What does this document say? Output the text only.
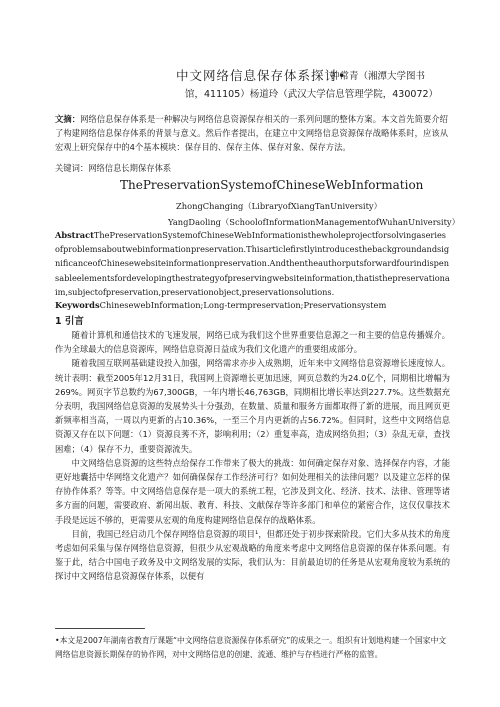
中文网络信息保存体系探讨•
钟常青（湘潭大学图书
馆，411105）杨道玲（武汉大学信息管理学院，430072）
文摘：网络信息保存体系是一种解决与网络信息资源保存相关的一系列问题的整体方案。本文首先简要介绍了构建网络信息保存体系的背景与意义。然后作者提出，在建立中文网络信息资源保存战略体系时，应该从宏观上研究保存中的4个基本模块：保存目的、保存主体、保存对象、保存方法。
关键词：网络信息长期保存体系
ThePreservationSystemofChineseWebInformation
ZhongChanging（LibraryofXiangTanUniversity）
YangDaoling（SchoolofInformationManagementofWuhanUniversity）
AbstractThePreservationSystemofChineseWebInformationisthewholeprojectforsolvingaseriesofproblemsaboutwebinformationpreservation.ThisarticlefirstlyintroducesthebackgroundandsignificanceofChinesewebsiteinformationpreservation.Andthentheauthorputsforwardfourindispensableelementsfordevelopingthestrategyofpreservingwebsiteinformation,thatisthepreservationaim,subjectofpreservation,preservationobject,preservationsolutions.
KeywordsChinesewebInformation;Long-termpreservation;Preservationsystem
1 引言

随着计算机和通信技术的飞速发展，网络已成为我们这个世界重要信息源之一和主要的信息传播媒介。作为全球最大的信息资源库，网络信息资源日益成为我们文化遗产的重要组成部分。

随着我国互联网基础建设投入加强，网络需求亦步入成熟期，近年来中文网络信息资源增长速度惊人。统计表明：截至2005年12月31日，我国网上资源增长更加迅速，网页总数约为24.0亿个，同期相比增幅为269%。网页字节总数约为67,300GB，一年内增长46,763GB，同期相比增长率达到227.7%。这些数据充分表明，我国网络信息资源的发展势头十分强劲，在数量、质量和服务方面都取得了新的进展，而且网页更新频率相当高，一周以内更新的占10.36%，一至三个月内更新的占56.72%。但同时，这些中文网络信息资源又存在以下问题：（1）资源良莠不齐，影响利用；（2）重复率高，造成网络负担；（3）杂乱无章，查找困难；（4）保存不力，重要资源流失。

中文网络信息资源的这些特点给保存工作带来了极大的挑战：如何确定保存对象、选择保存内容，才能更好地囊括中华网络文化遗产？如何确保保存工作经济可行？如何处理相关的法律问题？以及建立怎样的保存协作体系？等等。中文网络信息保存是一项大的系统工程，它涉及到文化、经济、技术、法律、管理等诸多方面的问题，需要政府、新闻出版、教育、科技、文献保存等许多部门和单位的紧密合作，这仅仅靠技术手段是远远不够的，更需要从宏观的角度构建网络信息保存的战略体系。

目前，我国已经启动几个保存网络信息资源的项目¹，但都还处于初步探索阶段。它们大多从技术的角度考虑如何采集与保存网络信息资源，但很少从宏观战略的角度来考虑中文网络信息资源的保存体系问题。有鉴于此，结合中国电子政务及中文网络发展的实际，我们认为：目前最迫切的任务是从宏观角度较为系统的探讨中文网络信息资源保存体系，以便有

•本文是2007年湖南省教育厅课题“中文网络信息资源保存体系研究”的成果之一。组织有计划地构建一个国家中文网络信息资源长期保存的协作网，对中文网络信息的创建、流通、维护与存档进行严格的监管。
